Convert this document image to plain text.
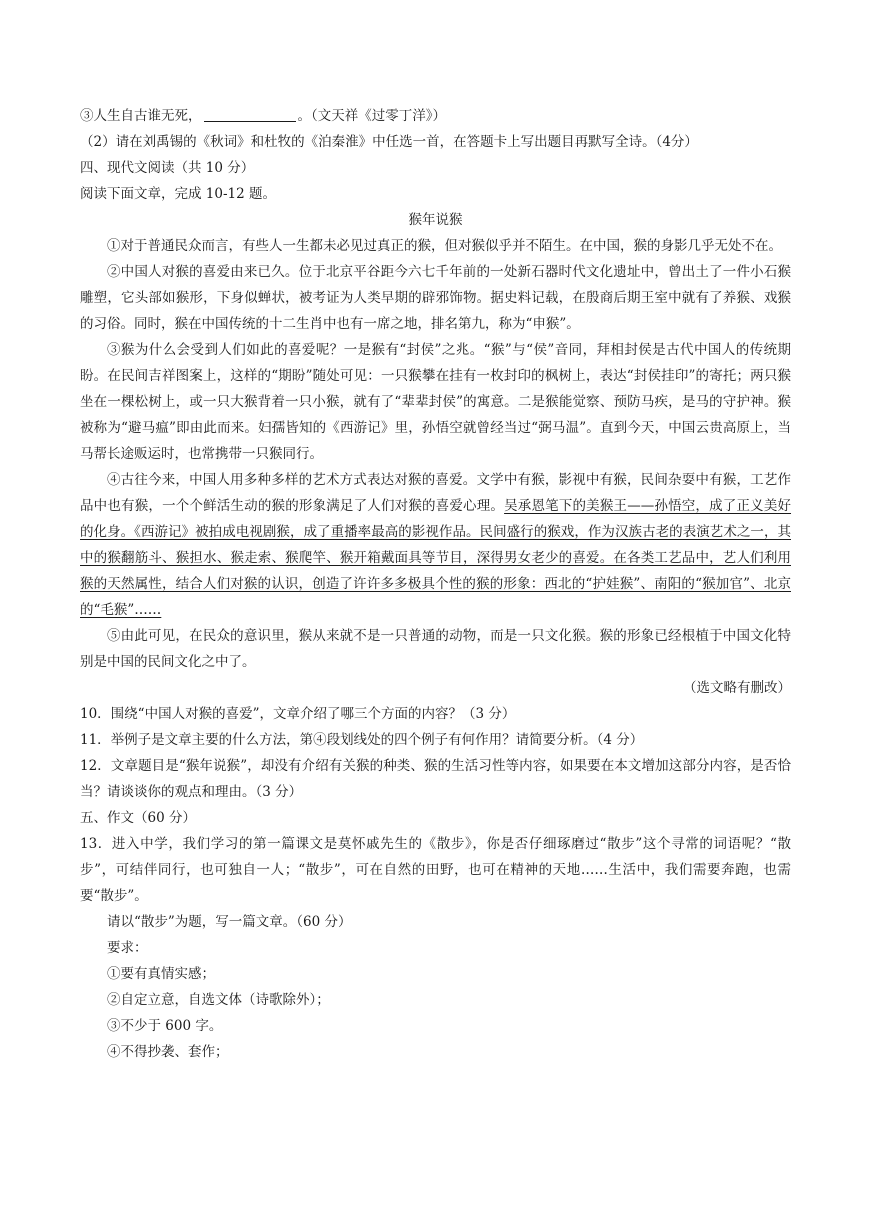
③人生自古谁无死，	。（文天祥《过零丁洋》）
（2）请在刘禹锡的《秋词》和杜牧的《泊秦淮》中任选一首，在答题卡上写出题目再默写全诗。（4分）
四、现代文阅读（共 10 分）
阅读下面文章，完成 10-12 题。
猴年说猴
①对于普通民众而言，有些人一生都未必见过真正的猴，但对猴似乎并不陌生。在中国，猴的身影几乎无处不在。
②中国人对猴的喜爱由来已久。位于北京平谷距今六七千年前的一处新石器时代文化遗址中，曾出土了一件小石猴雕塑，它头部如猴形，下身似蝉状，被考证为人类早期的辟邪饰物。据史料记载，在殷商后期王室中就有了养猴、戏猴的习俗。同时，猴在中国传统的十二生肖中也有一席之地，排名第九，称为“申猴”。
③猴为什么会受到人们如此的喜爱呢？一是猴有“封侯”之兆。“猴”与“侯”音同，拜相封侯是古代中国人的传统期盼。在民间吉祥图案上，这样的“期盼”随处可见：一只猴攀在挂有一枚封印的枫树上，表达“封侯挂印”的寄托；两只猴坐在一棵松树上，或一只大猴背着一只小猴，就有了“辈辈封侯”的寓意。二是猴能觉察、预防马疾，是马的守护神。猴被称为“避马瘟”即由此而来。妇孺皆知的《西游记》里，孙悟空就曾经当过“弼马温”。直到今天，中国云贵高原上，当马帮长途贩运时，也常携带一只猴同行。
④古往今来，中国人用多种多样的艺术方式表达对猴的喜爱。文学中有猴，影视中有猴，民间杂耍中有猴，工艺作品中也有猴，一个个鲜活生动的猴的形象满足了人们对猴的喜爱心理。吴承恩笔下的美猴王——孙悟空，成了正义美好的化身。《西游记》被拍成电视剧猴，成了重播率最高的影视作品。民间盛行的猴戏，作为汉族古老的表演艺术之一，其中的猴翻筋斗、猴担水、猴走索、猴爬竿、猴开箱戴面具等节目，深得男女老少的喜爱。在各类工艺品中，艺人们利用猴的天然属性，结合人们对猴的认识，创造了许许多多极具个性的猴的形象：西北的“护娃猴”、南阳的“猴加官”、北京的“毛猴”……
⑤由此可见，在民众的意识里，猴从来就不是一只普通的动物，而是一只文化猴。猴的形象已经根植于中国文化特别是中国的民间文化之中了。
（选文略有删改）
10．围绕“中国人对猴的喜爱”，文章介绍了哪三个方面的内容？（3 分）
11．举例子是文章主要的什么方法，第④段划线处的四个例子有何作用？请简要分析。（4 分）
12．文章题目是“猴年说猴”，却没有介绍有关猴的种类、猴的生活习性等内容，如果要在本文增加这部分内容，是否恰当？请谈谈你的观点和理由。（3 分）
五、作文（60 分）
13．进入中学，我们学习的第一篇课文是莫怀戚先生的《散步》，你是否仔细琢磨过“散步”这个寻常的词语呢？“散步”，可结伴同行，也可独自一人；“散步”，可在自然的田野，也可在精神的天地……生活中，我们需要奔跑，也需要“散步”。
请以“散步”为题，写一篇文章。（60 分）
要求：
①要有真情实感；
②自定立意，自选文体（诗歌除外）；
③不少于 600 字。
④不得抄袭、套作；
